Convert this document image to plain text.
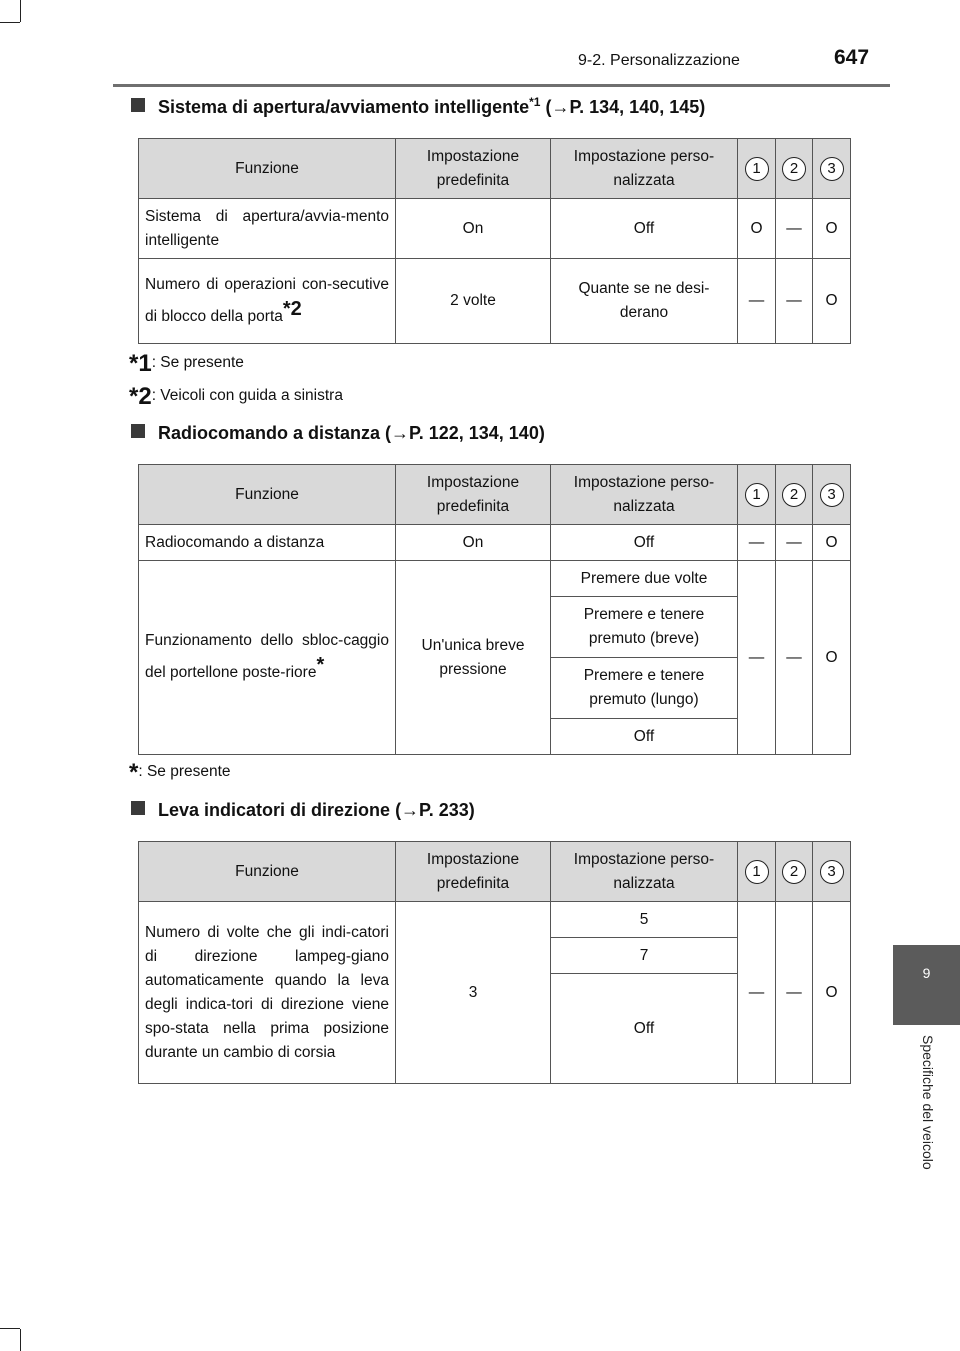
9-2. Personalizzazione	647
9
Specifiche del veicolo
Sistema di apertura/avviamento intelligente$^{*1}$ (→P. 134, 140, 145)
Funzione	Impostazione predefinita	Impostazione perso-nalizzata	1	2	3
Sistema di apertura/avvia-mento intelligente	On	Off	O	—	O
Numero di operazioni con-secutive di blocco della porta$^{*2}$	2 volte	Quante se ne desi-derano	—	—	O
*1: Se presente
*2: Veicoli con guida a sinistra
Radiocomando a distanza (→P. 122, 134, 140)
Funzione	Impostazione predefinita	Impostazione perso-nalizzata	1	2	3
Radiocomando a distanza	On	Off	—	—	O
Funzionamento dello sbloc-caggio del portellone poste-riore*	Un'unica breve pressione	Premere due volte	—	—	O
		Premere e tenere premuto (breve)			
		Premere e tenere premuto (lungo)			
		Off			
*: Se presente
Leva indicatori di direzione (→P. 233)
Funzione	Impostazione predefinita	Impostazione perso-nalizzata	1	2	3
Numero di volte che gli indi-catori di direzione lampeg-giano automaticamente quando la leva degli indica-tori di direzione viene spo-stata nella prima posizione durante un cambio di corsia	3	5	—	—	O
		7			
		Off			
